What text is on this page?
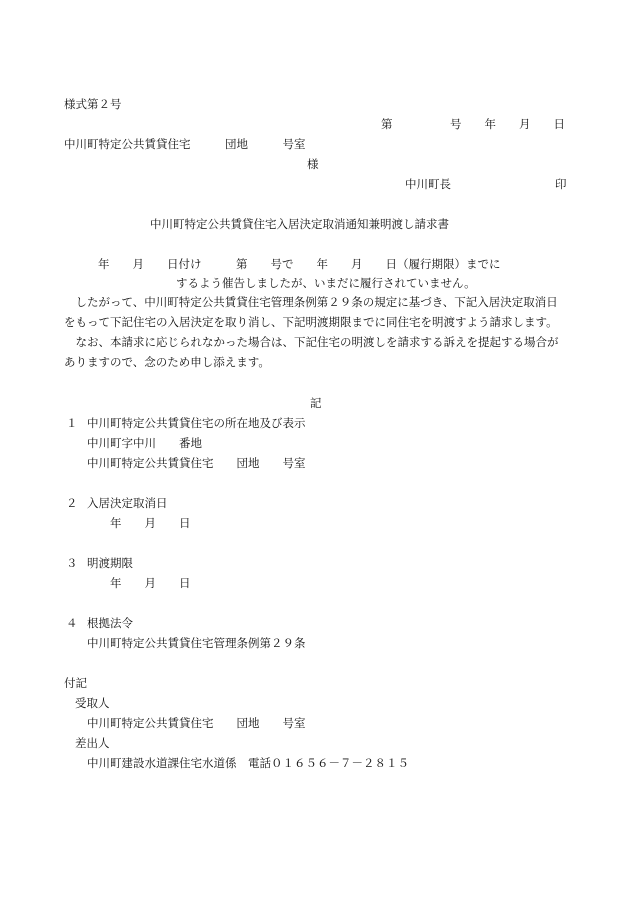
様式第２号
第　　　　　号　　年　　月　　日
中川町特定公共賃貸住宅　　　団地　　　号室
様
中川町長	印
中川町特定公共賃貸住宅入居決定取消通知兼明渡し請求書
年　　月　　日付け　　　第　　号で　　年　　月　　日（履行期限）までに
するよう催告しましたが、いまだに履行されていません。
　したがって、中川町特定公共賃貸住宅管理条例第２９条の規定に基づき、下記入居決定取消日
をもって下記住宅の入居決定を取り消し、下記明渡期限までに同住宅を明渡すよう請求します。
　なお、本請求に応じられなかった場合は、下記住宅の明渡しを請求する訴えを提起する場合が
ありますので、念のため申し添えます。
記
１ 中川町特定公共賃貸住宅の所在地及び表示
中川町字中川　　番地
中川町特定公共賃貸住宅　　団地　　号室
２ 入居決定取消日
年　　月　　日
３ 明渡期限
年　　月　　日
４ 根拠法令
中川町特定公共賃貸住宅管理条例第２９条
付記
受取人
中川町特定公共賃貸住宅　　団地　　号室
差出人
中川町建設水道課住宅水道係　電話０１６５６－７－２８１５
